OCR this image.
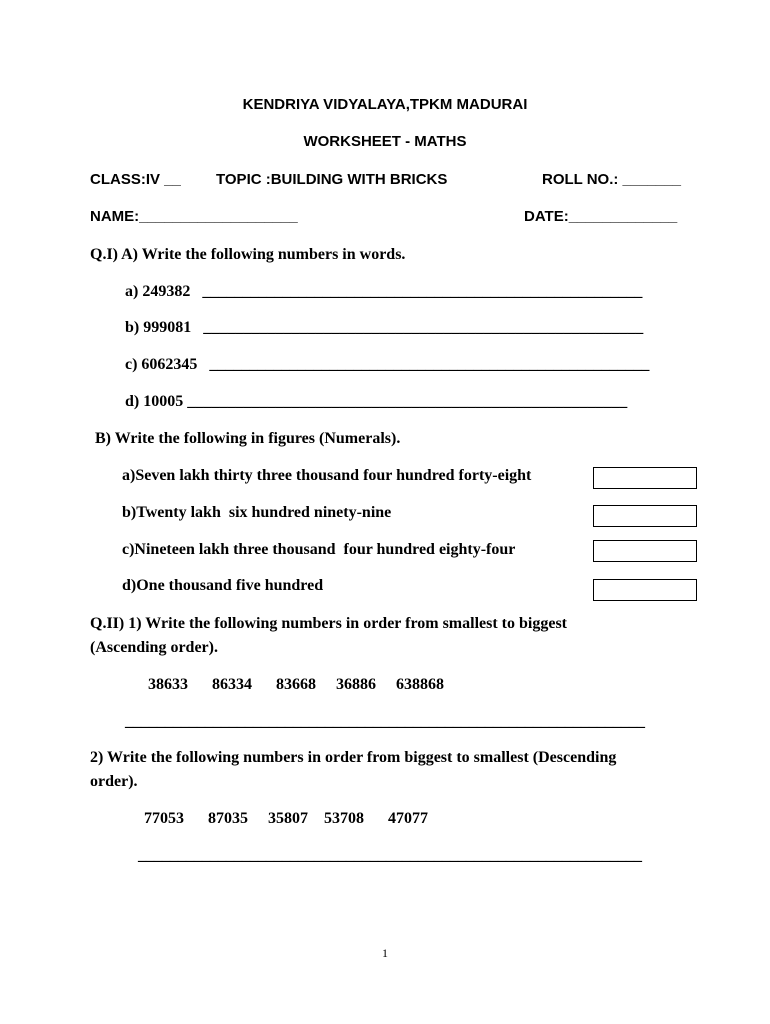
KENDRIYA VIDYALAYA,TPKM MADURAI
WORKSHEET - MATHS
CLASS:IV __ TOPIC :BUILDING WITH BRICKS	ROLL NO.: _______
NAME:___________________	DATE:_____________
Q.I) A) Write the following numbers in words.
a) 249382   _______________________________________________________
b) 999081   _______________________________________________________
c) 6062345   _______________________________________________________
d) 10005 _______________________________________________________
B) Write the following in figures (Numerals).
a)Seven lakh thirty three thousand four hundred forty-eight
b)Twenty lakh  six hundred ninety-nine
c)Nineteen lakh three thousand  four hundred eighty-four
d)One thousand five hundred
Q.II) 1) Write the following numbers in order from smallest to biggest
(Ascending order).
38633      86334      83668     36886     638868
_________________________________________________________________
2) Write the following numbers in order from biggest to smallest (Descending
order).
77053      87035     35807    53708      47077
_______________________________________________________________
1
